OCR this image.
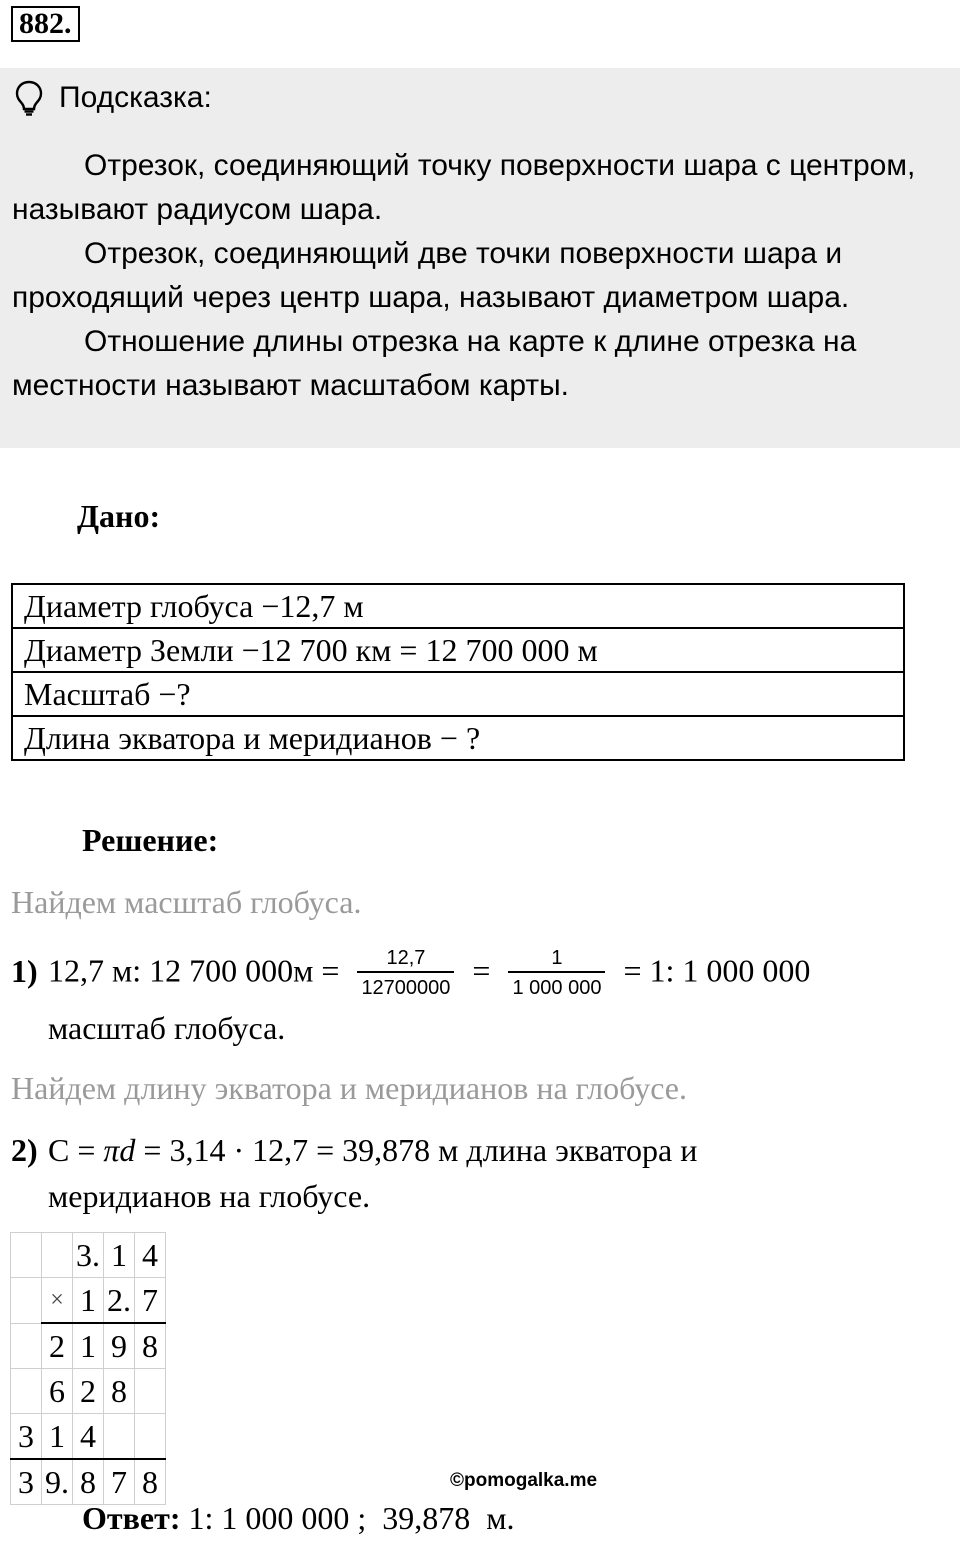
882.
Подсказка:

Отрезок, соединяющий точку поверхности шара с центром, называют радиусом шара.

Отрезок, соединяющий две точки поверхности шара и проходящий через центр шара, называют диаметром шара.

Отношение длины отрезка на карте к длине отрезка на местности называют масштабом карты.

Дано:
Диаметр глобуса −12,7 м
Диаметр Земли −12 700 км = 12 700 000 м
Масштаб −?
Длина экватора и меридианов − ?
Решение:
Найдем масштаб глобуса.
1) 12,7 м: 12 700 $000м = \frac{12,7}{12700000} = \frac{1}{1 000 000} = 1$: 1 000 000
масштаб глобуса.
Найдем длину экватора и меридианов на глобусе.
2) C = πd = 3,14 · 12,7 = 39,878 м длина экватора и
меридианов на глобусе.
		3.	1	4
	×	1	2.	7
	2	1	9	8
	6	2	8	
3	1	4		
3	9.	8	7	8	©pomogalka.me
Ответ: 1: 1 000 000 ; 39,878 м.
